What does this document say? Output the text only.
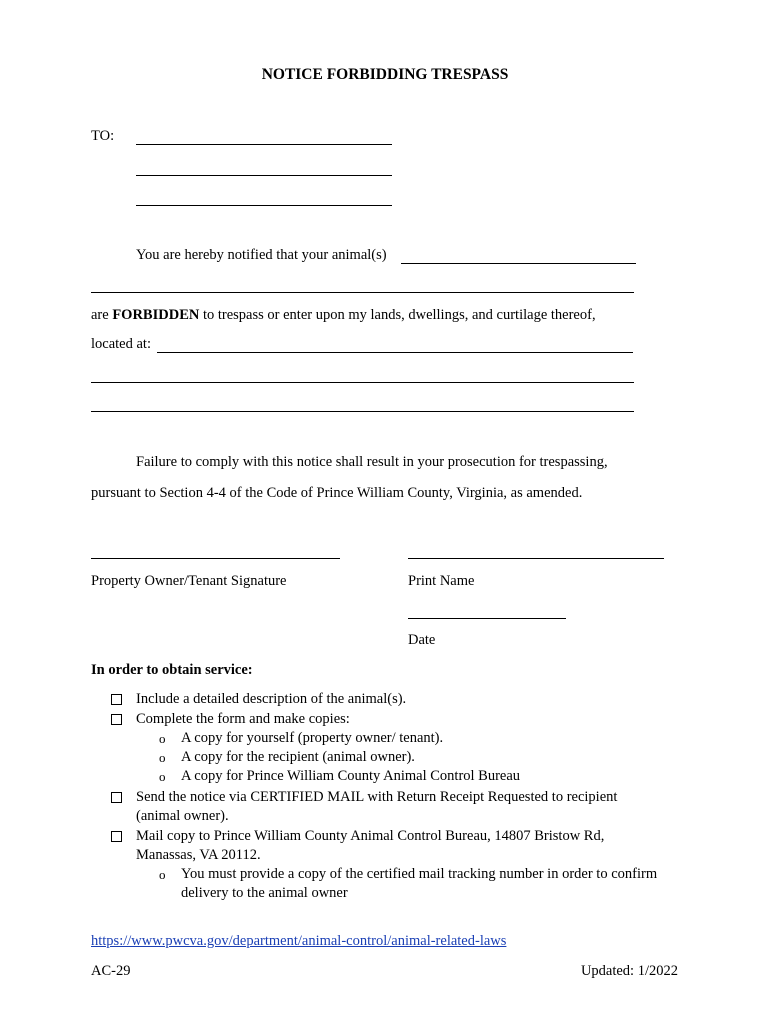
NOTICE FORBIDDING TRESPASS
TO:
You are hereby notified that your animal(s)
are FORBIDDEN to trespass or enter upon my lands, dwellings, and curtilage thereof,
located at:
Failure to comply with this notice shall result in your prosecution for trespassing,
pursuant to Section 4-4 of the Code of Prince William County, Virginia, as amended.
Property Owner/Tenant Signature	Print Name
Date
In order to obtain service:
Include a detailed description of the animal(s).
Complete the form and make copies:
o A copy for yourself (property owner/ tenant).
o A copy for the recipient (animal owner).
o A copy for Prince William County Animal Control Bureau
Send the notice via CERTIFIED MAIL with Return Receipt Requested to recipient
(animal owner).
Mail copy to Prince William County Animal Control Bureau, 14807 Bristow Rd,
Manassas, VA 20112.
o You must provide a copy of the certified mail tracking number in order to confirm
delivery to the animal owner
https://www.pwcva.gov/department/animal-control/animal-related-laws
AC-29	Updated: 1/2022
